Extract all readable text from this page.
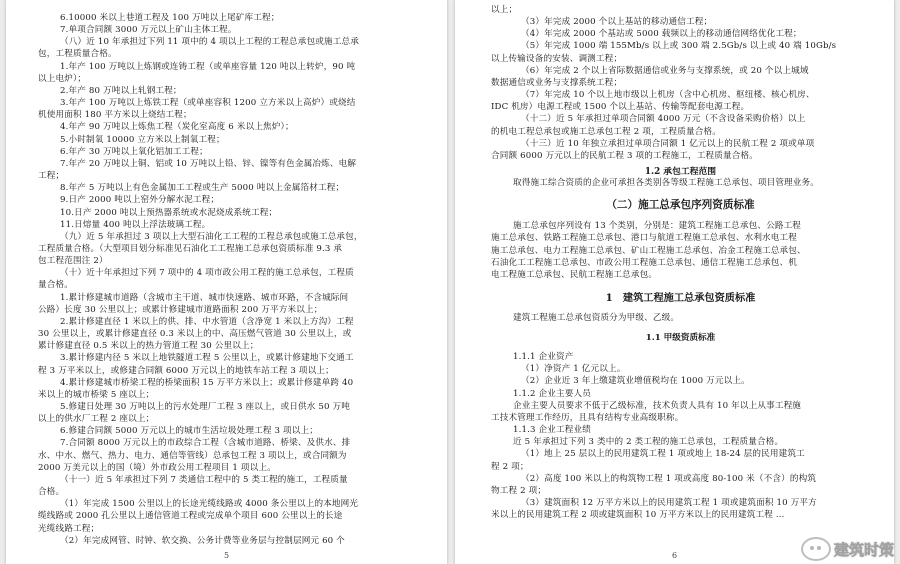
6.10000 米以上巷道工程及 100 万吨以上尾矿库工程；
7.单项合同额 3000 万元以上矿山主体工程。
（八）近 10 年承担过下列 11 项中的 4 项以上工程的工程总承包或施工总承
包，工程质量合格。
1.年产 100 万吨以上炼钢或连铸工程（或单座容量 120 吨以上转炉，90 吨
以上电炉）；
2.年产 80 万吨以上轧钢工程；
3.年产 100 万吨以上炼铁工程（或单座容积 1200 立方米以上高炉）或烧结
机使用面积 180 平方米以上烧结工程；
4.年产 90 万吨以上炼焦工程（炭化室高度 6 米以上焦炉）；
5.小时制氧 10000 立方米以上制氧工程；
6.年产 30 万吨以上氧化铝加工工程；
7.年产 20 万吨以上铜、铝或 10 万吨以上铅、锌、镍等有色金属冶炼、电解
工程；
8.年产 5 万吨以上有色金属加工工程或生产 5000 吨以上金属箔材工程；
9.日产 2000 吨以上窑外分解水泥工程；
10.日产 2000 吨以上预热器系统或水泥烧成系统工程；
11.日熔量 400 吨以上浮法玻璃工程。
（九）近 5 年承担过 3 项以上大型石油化工工程的工程总承包或施工总承包，
工程质量合格。（大型项目划分标准见石油化工工程施工总承包资质标准 9.3 承
包工程范围注 2）
（十）近十年承担过下列 7 项中的 4 项市政公用工程的施工总承包，工程质
量合格。
1.累计修建城市道路（含城市主干道、城市快速路、城市环路，不含城际间
公路）长度 30 公里以上；或累计修建城市道路面积 200 万平方米以上；
2.累计修建直径 1 米以上的供、排、中水管道（含净宽 1 米以上方沟）工程
30 公里以上，或累计修建直径 0.3 米以上的中、高压燃气管道 30 公里以上，或
累计修建直径 0.5 米以上的热力管道工程 30 公里以上；
3.累计修建内径 5 米以上地铁隧道工程 5 公里以上，或累计修建地下交通工
程 3 万平米以上，或修建合同额 6000 万元以上的地铁车站工程 3 项以上；
4.累计修建城市桥梁工程的桥梁面积 15 万平方米以上；或累计修建单跨 40
米以上的城市桥梁 5 座以上；
5.修建日处理 30 万吨以上的污水处理厂工程 3 座以上，或日供水 50 万吨
以上的供水厂工程 2 座以上；
6.修建合同额 5000 万元以上的城市生活垃圾处理工程 3 项以上；
7.合同额 8000 万元以上的市政综合工程（含城市道路、桥梁、及供水、排
水、中水、燃气、热力、电力、通信等管线）总承包工程 3 项以上，或合同额为
2000 万美元以上的国（境）外市政公用工程项目 1 项以上。
（十一）近 5 年承担过下列 7 类通信工程中的 5 类工程的施工，工程质量
合格。
（1）年完成 1500 公里以上的长途光缆线路或 4000 条公里以上的本地网光
缆线路或 2000 孔公里以上通信管道工程或完成单个项目 600 公里以上的长途
光缆线路工程；
（2）年完成网管、时钟、软交换、公务计费等业务层与控制层网元 60 个
5
以上；
（3）年完成 2000 个以上基站的移动通信工程；
（4）年完成 2000 个基站或 5000 载频以上的移动通信网络优化工程；
（5）年完成 1000 端 155Mb/s 以上或 300 端 2.5Gb/s 以上或 40 端 10Gb/s
以上传输设备的安装、调测工程；
（6）年完成 2 个以上省际数据通信或业务与支撑系统，或 20 个以上城域
数据通信或业务与支撑系统工程；
（7）年完成 10 个以上地市级以上机房（含中心机房、枢纽楼、核心机房、
IDC 机房）电源工程或 1500 个以上基站、传输等配套电源工程。
（十二）近 5 年承担过单项合同额 4000 万元（不含设备采购价格）以上
的机电工程总承包或施工总承包工程 2 项，工程质量合格。
（十三）近 10 年独立承担过单项合同额 1 亿元以上的民航工程 2 项或单项
合同额 6000 万元以上的民航工程 3 项的工程施工，工程质量合格。
1.2 承包工程范围
取得施工综合资质的企业可承担各类别各等级工程施工总承包、项目管理业务。
（二）施工总承包序列资质标准
施工总承包序列设有 13 个类别，分别是：建筑工程施工总承包、公路工程
施工总承包、铁路工程施工总承包、港口与航道工程施工总承包、水利水电工程
施工总承包、电力工程施工总承包、矿山工程施工总承包、冶金工程施工总承包、
石油化工工程施工总承包、市政公用工程施工总承包、通信工程施工总承包、机
电工程施工总承包、民航工程施工总承包。
1　建筑工程施工总承包资质标准
建筑工程施工总承包资质分为甲级、乙级。
1.1 甲级资质标准
1.1.1 企业资产
（1）净资产 1 亿元以上。
（2）企业近 3 年上缴建筑业增值税均在 1000 万元以上。
1.1.2 企业主要人员
企业主要人员要求不低于乙级标准，技术负责人具有 10 年以上从事工程施
工技术管理工作经历，且具有结构专业高级职称。
1.1.3 企业工程业绩
近 5 年承担过下列 3 类中的 2 类工程的施工总承包，工程质量合格。
（1）地上 25 层以上的民用建筑工程 1 项或地上 18-24 层的民用建筑工
程 2 项；
（2）高度 100 米以上的构筑物工程 1 项或高度 80-100 米（不含）的构筑
物工程 2 项；
（3）建筑面积 12 万平方米以上的民用建筑工程 1 项或建筑面积 10 万平方
米以上的民用建筑工程 2 项或建筑面积 10 万平方米以上的民用建筑工程 ...
6	建筑时策
